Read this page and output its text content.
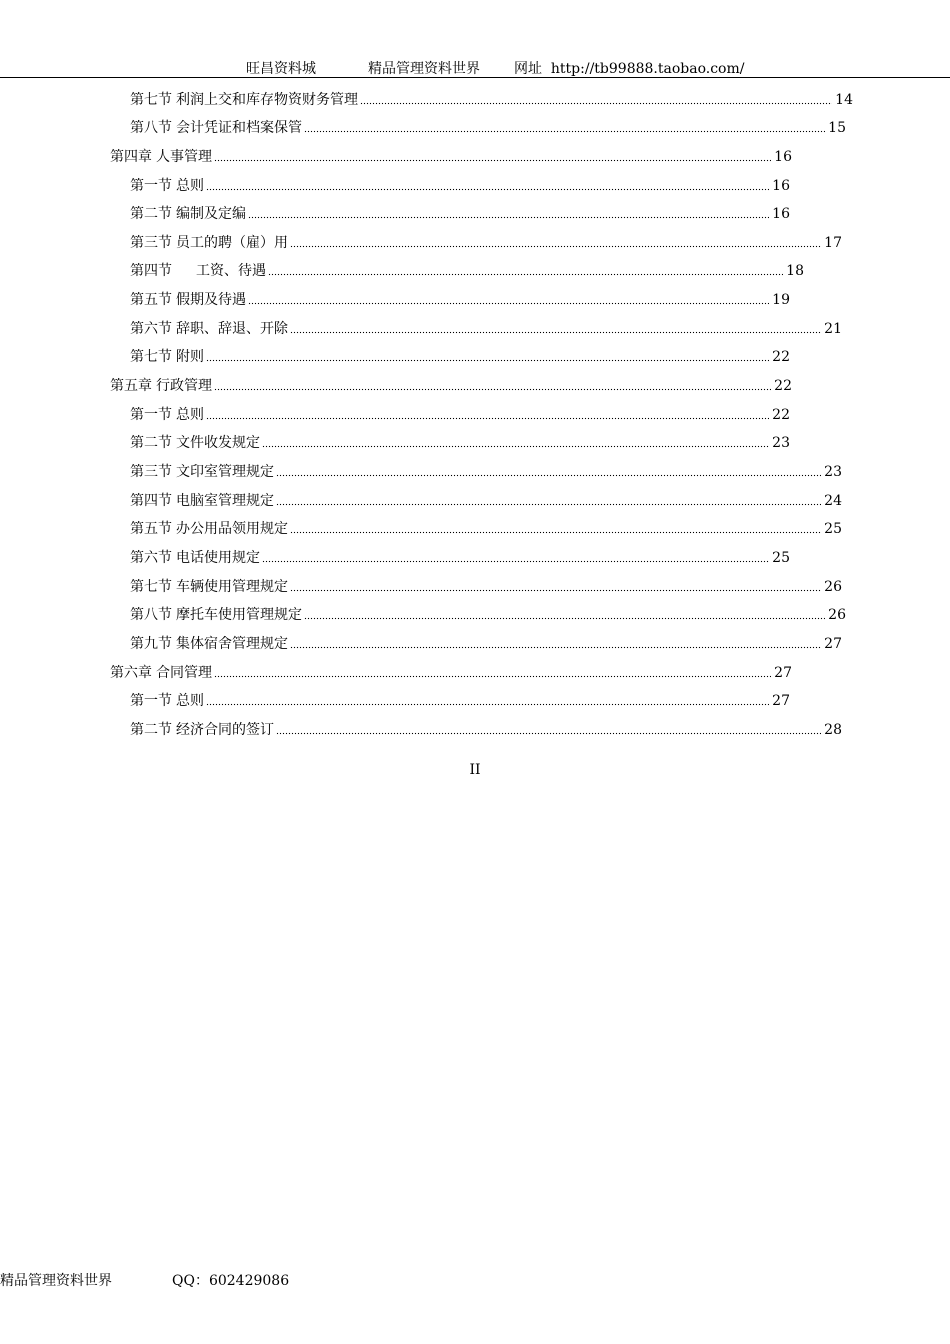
旺昌资料城	精品管理资料世界 网址 http://tb99888.taobao.com/
第七节 利润上交和库存物资财务管理	14
第八节 会计凭证和档案保管	15
第四章 人事管理	16
第一节 总则	16
第二节 编制及定编	16
第三节 员工的聘（雇）用	17
第四节	工资、待遇	18
第五节 假期及待遇	19
第六节 辞职、辞退、开除	21
第七节 附则	22
第五章 行政管理	22
第一节 总则	22
第二节 文件收发规定	23
第三节 文印室管理规定	23
第四节 电脑室管理规定	24
第五节 办公用品领用规定	25
第六节 电话使用规定	25
第七节 车辆使用管理规定	26
第八节 摩托车使用管理规定	26
第九节 集体宿舍管理规定	27
第六章 合同管理	27
第一节 总则	27
第二节 经济合同的签订	28
II
精品管理资料世界	QQ：602429086
